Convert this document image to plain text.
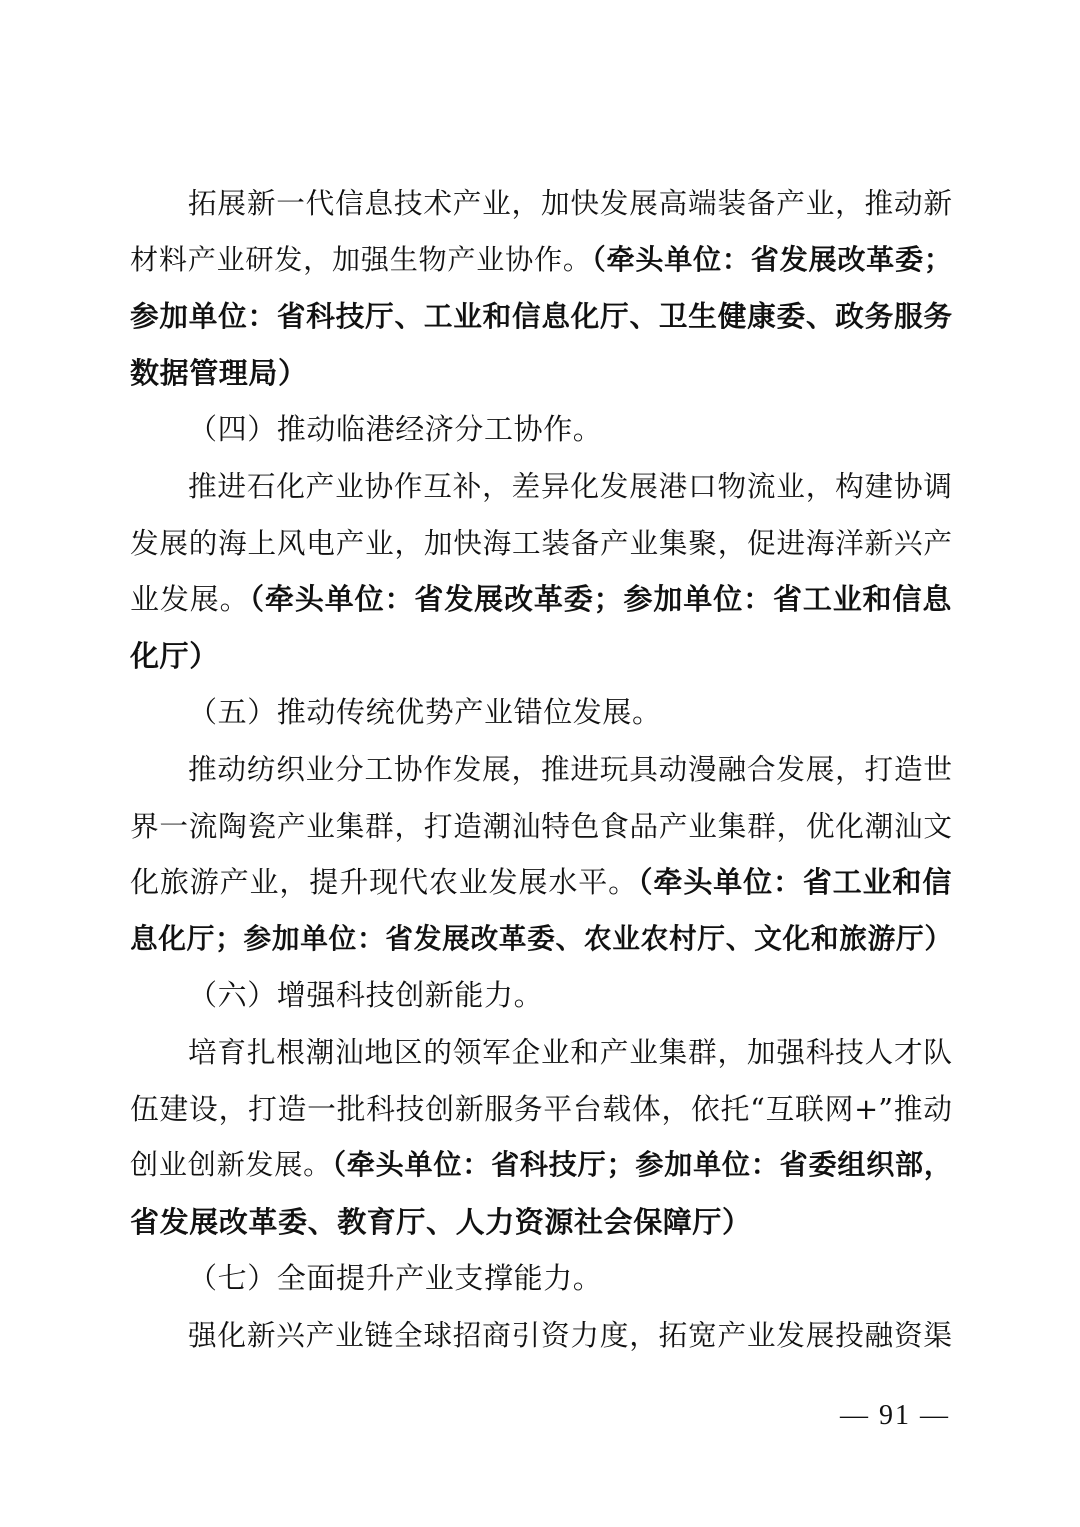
拓展新一代信息技术产业，加快发展高端装备产业，推动新
材料产业研发，加强生物产业协作。（牵头单位：省发展改革委；
参加单位：省科技厅、工业和信息化厅、卫生健康委、政务服务
数据管理局）
（四）推动临港经济分工协作。
推进石化产业协作互补，差异化发展港口物流业，构建协调
发展的海上风电产业，加快海工装备产业集聚，促进海洋新兴产
业发展。（牵头单位：省发展改革委；参加单位：省工业和信息
化厅）
（五）推动传统优势产业错位发展。
推动纺织业分工协作发展，推进玩具动漫融合发展，打造世
界一流陶瓷产业集群，打造潮汕特色食品产业集群，优化潮汕文
化旅游产业，提升现代农业发展水平。（牵头单位：省工业和信
息化厅；参加单位：省发展改革委、农业农村厅、文化和旅游厅）
（六）增强科技创新能力。
培育扎根潮汕地区的领军企业和产业集群，加强科技人才队
伍建设，打造一批科技创新服务平台载体，依托“互联网+”推动
创业创新发展。（牵头单位：省科技厅；参加单位：省委组织部，
省发展改革委、教育厅、人力资源社会保障厅）
（七）全面提升产业支撑能力。
强化新兴产业链全球招商引资力度，拓宽产业发展投融资渠
— 91 —
